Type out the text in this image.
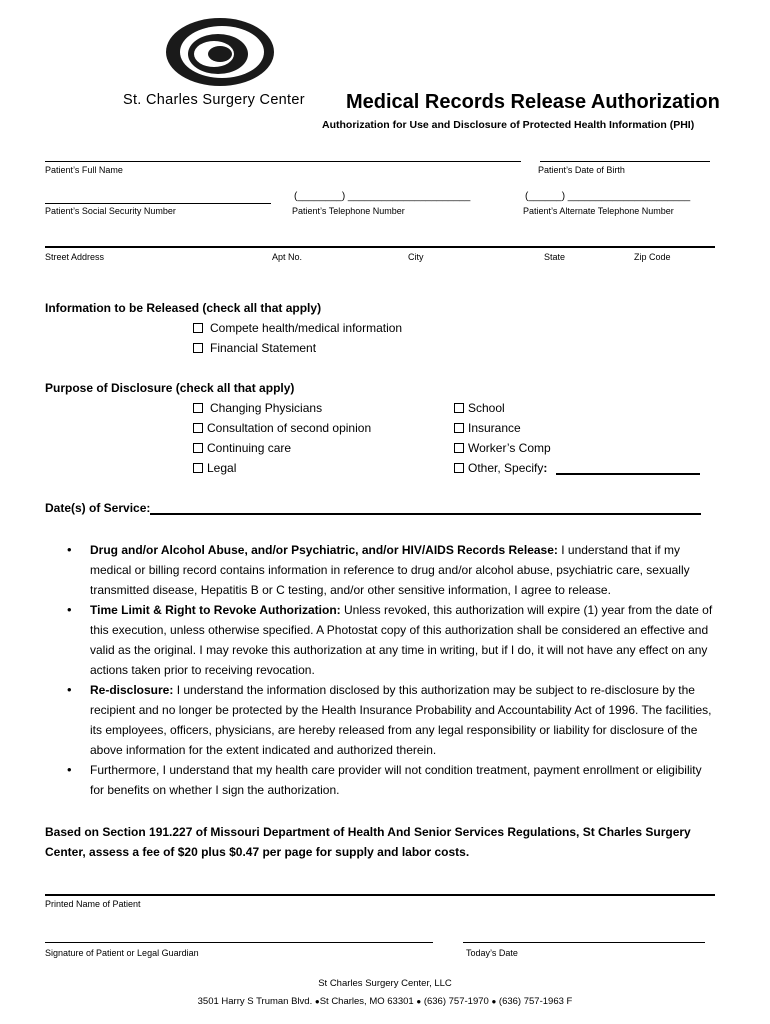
St. Charles Surgery Center Medical Records Release Authorization
Authorization for Use and Disclosure of Protected Health Information (PHI)
Patient’s Full Name	Patient’s Date of Birth
(________) ______________________	(______) ______________________
Patient’s Social Security Number	Patient’s Telephone Number	Patient’s Alternate Telephone Number
Street Address	Apt No.	City	State	Zip Code
Information to be Released (check all that apply)
Compete health/medical information
Financial Statement
Purpose of Disclosure (check all that apply)
Changing Physicians
Consultation of second opinion
Continuing care
Legal
School
Insurance
Worker’s Comp
Other, Specify :
Date(s) of Service:
• Drug and/or Alcohol Abuse, and/or Psychiatric, and/or HIV/AIDS Records Release: I understand that if my medical or billing record contains information in reference to drug and/or alcohol abuse, psychiatric care, sexually transmitted disease, Hepatitis B or C testing, and/or other sensitive information, I agree to release.
• Time Limit & Right to Revoke Authorization: Unless revoked, this authorization will expire (1) year from the date of this execution, unless otherwise specified. A Photostat copy of this authorization shall be considered an effective and valid as the original. I may revoke this authorization at any time in writing, but if I do, it will not have any effect on any actions taken prior to receiving revocation.
• Re-disclosure: I understand the information disclosed by this authorization may be subject to re-disclosure by the recipient and no longer be protected by the Health Insurance Probability and Accountability Act of 1996. The facilities, its employees, officers, physicians, are hereby released from any legal responsibility or liability for disclosure of the above information for the extent indicated and authorized therein.
• Furthermore, I understand that my health care provider will not condition treatment, payment enrollment or eligibility for benefits on whether I sign the authorization.
Based on Section 191.227 of Missouri Department of Health And Senior Services Regulations, St Charles Surgery Center, assess a fee of $20 plus $0.47 per page for supply and labor costs.
Printed Name of Patient
Signature of Patient or Legal Guardian	Today’s Date
St Charles Surgery Center, LLC
3501 Harry S Truman Blvd. ●St Charles, MO 63301 ● (636) 757-1970 ● (636) 757-1963 F
